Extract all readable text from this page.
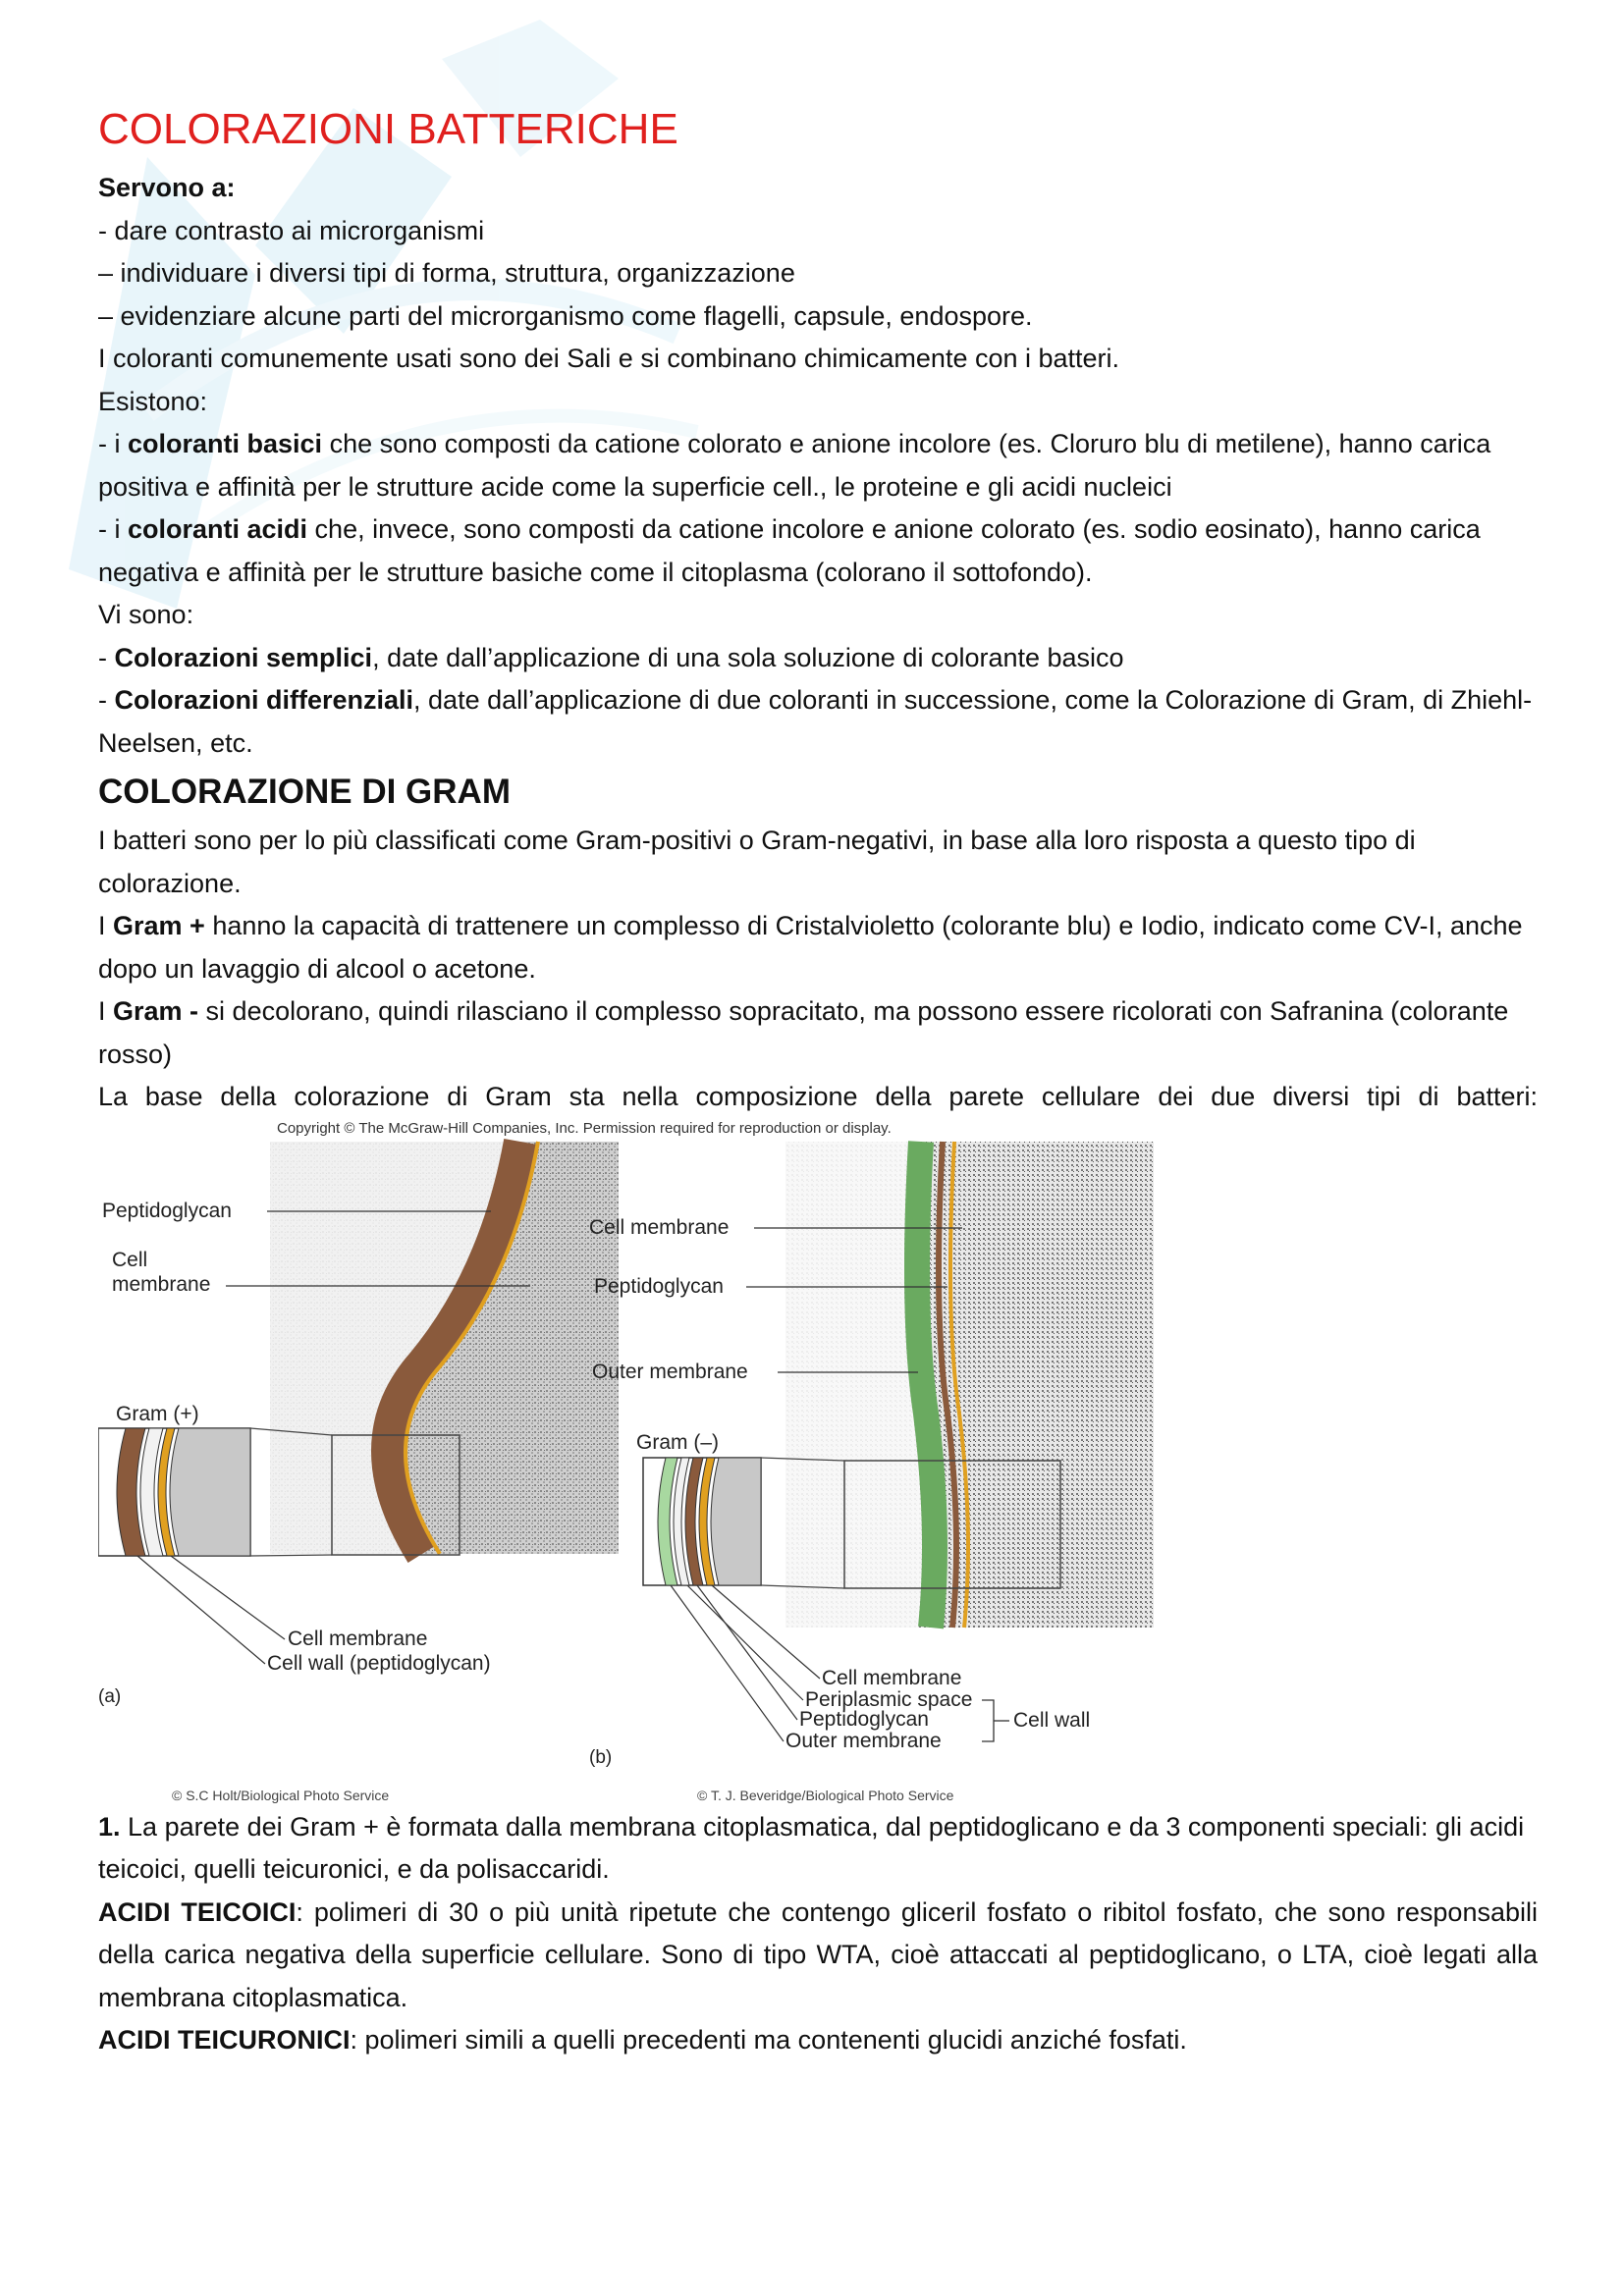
COLORAZIONI BATTERICHE

Servono a:

- dare contrasto ai microrganismi

– individuare i diversi tipi di forma, struttura, organizzazione

– evidenziare alcune parti del microrganismo come flagelli, capsule, endospore.

I coloranti comunemente usati sono dei Sali e si combinano chimicamente con i batteri.

Esistono:

- i coloranti basici che sono composti da catione colorato e anione incolore (es. Cloruro blu di metilene), hanno carica positiva e affinità per le strutture acide come la superficie cell., le proteine e gli acidi nucleici

- i coloranti acidi che, invece, sono composti da catione incolore e anione colorato (es. sodio eosinato), hanno carica negativa e affinità per le strutture basiche come il citoplasma (colorano il sottofondo).

Vi sono:

- Colorazioni semplici, date dall’applicazione di una sola soluzione di colorante basico

- Colorazioni differenziali, date dall’applicazione di due coloranti in successione, come la Colorazione di Gram, di Zhiehl-Neelsen, etc.

COLORAZIONE DI GRAM

I batteri sono per lo più classificati come Gram-positivi o Gram-negativi, in base alla loro risposta a questo tipo di colorazione.

I Gram + hanno la capacità di trattenere un complesso di Cristalvioletto (colorante blu) e Iodio, indicato come CV-I, anche dopo un lavaggio di alcool o acetone.

I Gram - si decolorano, quindi rilasciano il complesso sopracitato, ma possono essere ricolorati con Safranina (colorante rosso)

La base della colorazione di Gram sta nella composizione della parete cellulare dei due diversi tipi di batteri:

Copyright © The McGraw-Hill Companies, Inc. Permission required for reproduction or display.
Peptidoglycan
Cell
membrane
Gram (+)
Cell membrane
Cell wall (peptidoglycan)
(a)
© S.C Holt/Biological Photo Service
Cell membrane
Peptidoglycan
Outer membrane
Gram (–)
Cell membrane
Periplasmic space
Peptidoglycan
Outer membrane
Cell wall
(b)
© T. J. Beveridge/Biological Photo Service

1. La parete dei Gram + è formata dalla membrana citoplasmatica, dal peptidoglicano e da 3 componenti speciali: gli acidi teicoici, quelli teicuronici, e da polisaccaridi.

ACIDI TEICOICI: polimeri di 30 o più unità ripetute che contengo gliceril fosfato o ribitol fosfato, che sono responsabili della carica negativa della superficie cellulare. Sono di tipo WTA, cioè attaccati al peptidoglicano, o LTA, cioè legati alla membrana citoplasmatica.

ACIDI TEICURONICI: polimeri simili a quelli precedenti ma contenenti glucidi anziché fosfati.
